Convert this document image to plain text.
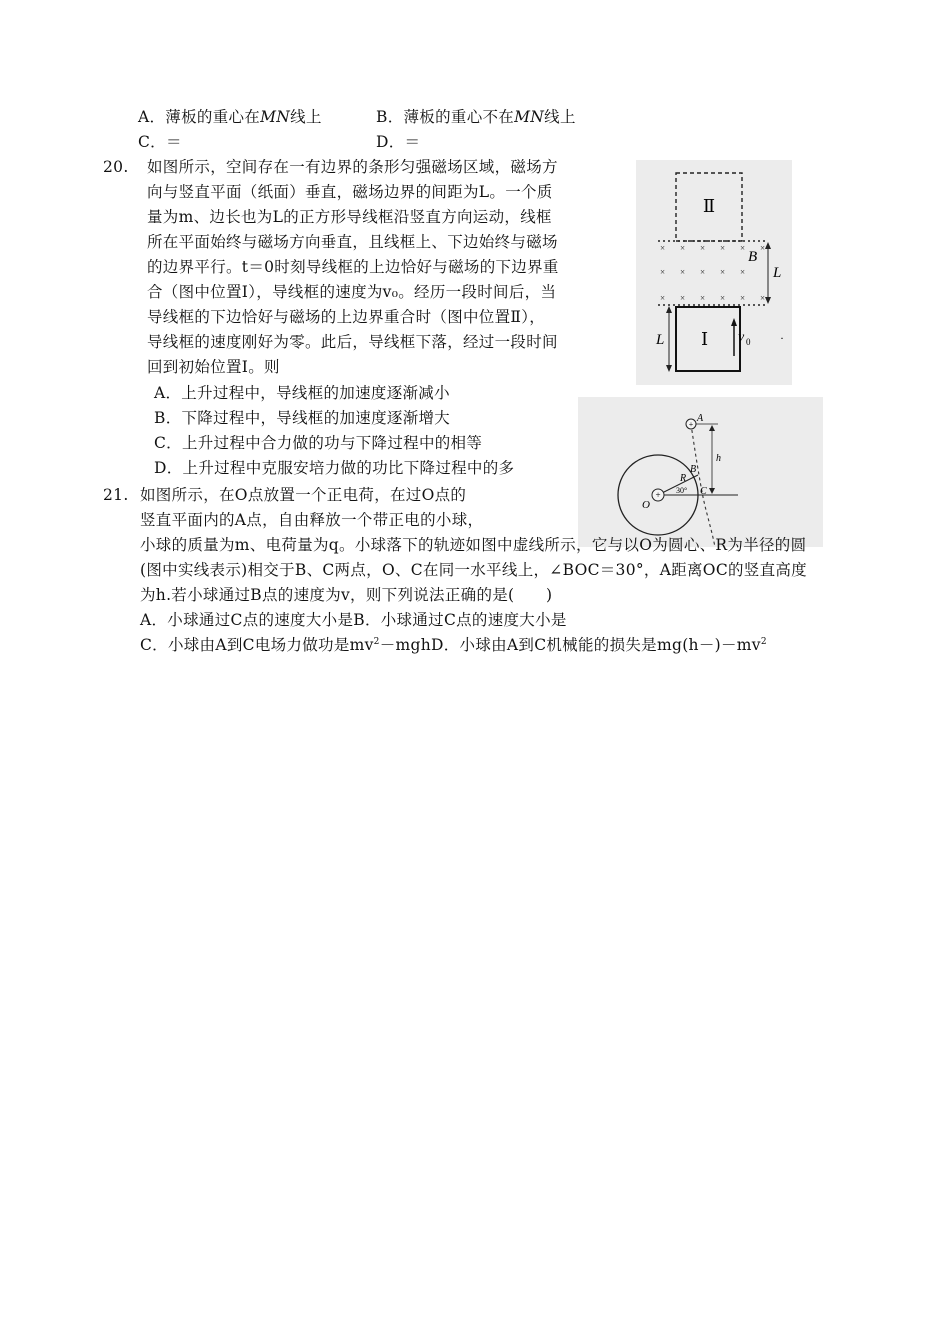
A．薄板的重心在MN线上	B．薄板的重心不在MN线上
C．＝	D．＝
20. 如图所示，空间存在一有边界的条形匀强磁场区域，磁场方
向与竖直平面（纸面）垂直，磁场边界的间距为L。一个质
量为m、边长也为L的正方形导线框沿竖直方向运动，线框
所在平面始终与磁场方向垂直，且线框上、下边始终与磁场
的边界平行。t＝0时刻导线框的上边恰好与磁场的下边界重
合（图中位置Ⅰ），导线框的速度为v₀。经历一段时间后，当
导线框的下边恰好与磁场的上边界重合时（图中位置Ⅱ），
导线框的速度刚好为零。此后，导线框下落，经过一段时间
回到初始位置Ⅰ。则
A．上升过程中，导线框的加速度逐渐减小
B．下降过程中，导线框的加速度逐渐增大
C．上升过程中合力做的功与下降过程中的相等
D．上升过程中克服安培力做的功比下降过程中的多
Ⅱ
× × × × × ×
× × × × ×
× × × × × ×
B
L
Ⅰ
L	v 0 ·
+
O
+
A
h
B
C
R
30°
21. 如图所示，在O点放置一个正电荷，在过O点的
竖直平面内的A点，自由释放一个带正电的小球，
小球的质量为m、电荷量为q。小球落下的轨迹如图中虚线所示，它与以O为圆心、R为半径的圆
(图中实线表示)相交于B、C两点，O、C在同一水平线上，∠BOC＝30°，A距离OC的竖直高度
为h.若小球通过B点的速度为v，则下列说法正确的是(　　)
A．小球通过C点的速度大小是B．小球通过C点的速度大小是
C．小球由A到C电场力做功是$mv^2-mghD$．小球由A到C机械能的损失是$mg(h-)-mv^2$
